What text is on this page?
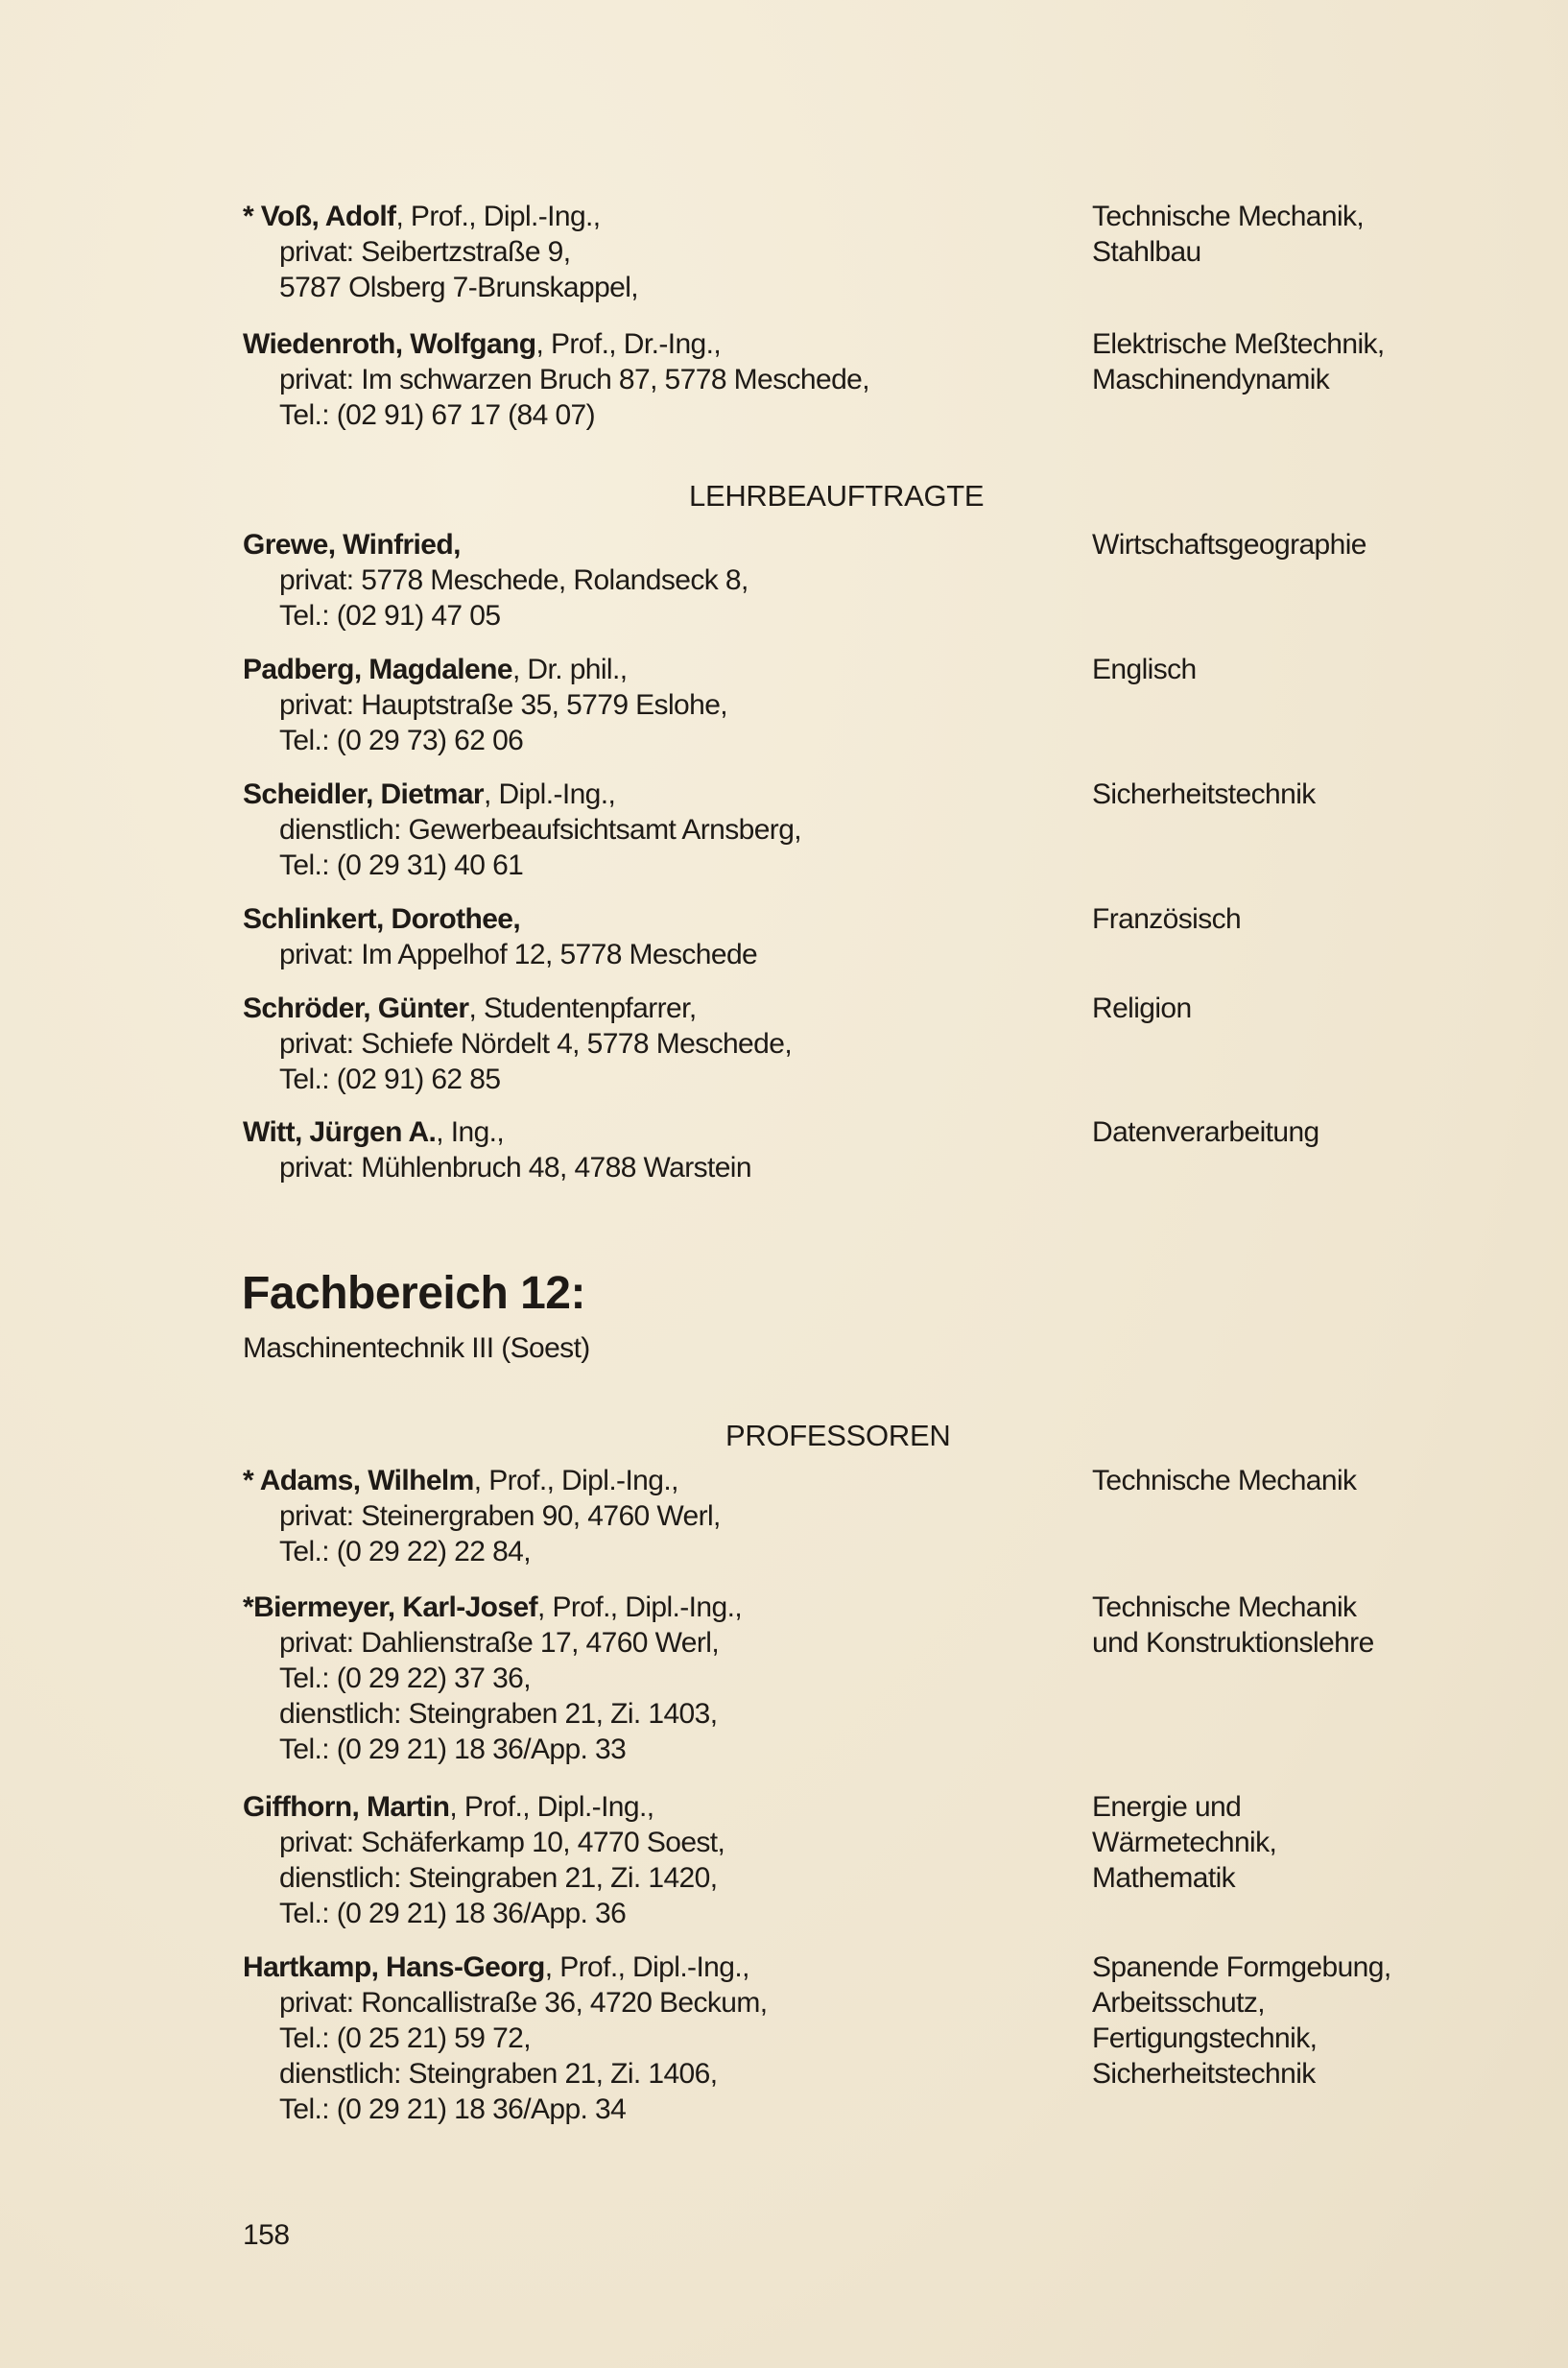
* Voß, Adolf, Prof., Dipl.-Ing.,
privat: Seibertzstraße 9,
5787 Olsberg 7-Brunskappel,
Technische Mechanik,
Stahlbau
Wiedenroth, Wolfgang, Prof., Dr.-Ing.,
privat: Im schwarzen Bruch 87, 5778 Meschede,
Tel.: (02 91) 67 17 (84 07)
Elektrische Meßtechnik,
Maschinendynamik
LEHRBEAUFTRAGTE
Grewe, Winfried,
privat: 5778 Meschede, Rolandseck 8,
Tel.: (02 91) 47 05
Wirtschaftsgeographie
Padberg, Magdalene, Dr. phil.,
privat: Hauptstraße 35, 5779 Eslohe,
Tel.: (0 29 73) 62 06
Englisch
Scheidler, Dietmar, Dipl.-Ing.,
dienstlich: Gewerbeaufsichtsamt Arnsberg,
Tel.: (0 29 31) 40 61
Sicherheitstechnik
Schlinkert, Dorothee,
privat: Im Appelhof 12, 5778 Meschede
Französisch
Schröder, Günter, Studentenpfarrer,
privat: Schiefe Nördelt 4, 5778 Meschede,
Tel.: (02 91) 62 85
Religion
Witt, Jürgen A., Ing.,
privat: Mühlenbruch 48, 4788 Warstein
Datenverarbeitung
Fachbereich 12:
Maschinentechnik III (Soest)
PROFESSOREN
* Adams, Wilhelm, Prof., Dipl.-Ing.,
privat: Steinergraben 90, 4760 Werl,
Tel.: (0 29 22) 22 84,
Technische Mechanik
*Biermeyer, Karl-Josef, Prof., Dipl.-Ing.,
privat: Dahlienstraße 17, 4760 Werl,
Tel.: (0 29 22) 37 36,
dienstlich: Steingraben 21, Zi. 1403,
Tel.: (0 29 21) 18 36/App. 33
Technische Mechanik
und Konstruktionslehre
Giffhorn, Martin, Prof., Dipl.-Ing.,
privat: Schäferkamp 10, 4770 Soest,
dienstlich: Steingraben 21, Zi. 1420,
Tel.: (0 29 21) 18 36/App. 36
Energie und
Wärmetechnik,
Mathematik
Hartkamp, Hans-Georg, Prof., Dipl.-Ing.,
privat: Roncallistraße 36, 4720 Beckum,
Tel.: (0 25 21) 59 72,
dienstlich: Steingraben 21, Zi. 1406,
Tel.: (0 29 21) 18 36/App. 34
Spanende Formgebung,
Arbeitsschutz,
Fertigungstechnik,
Sicherheitstechnik
158
